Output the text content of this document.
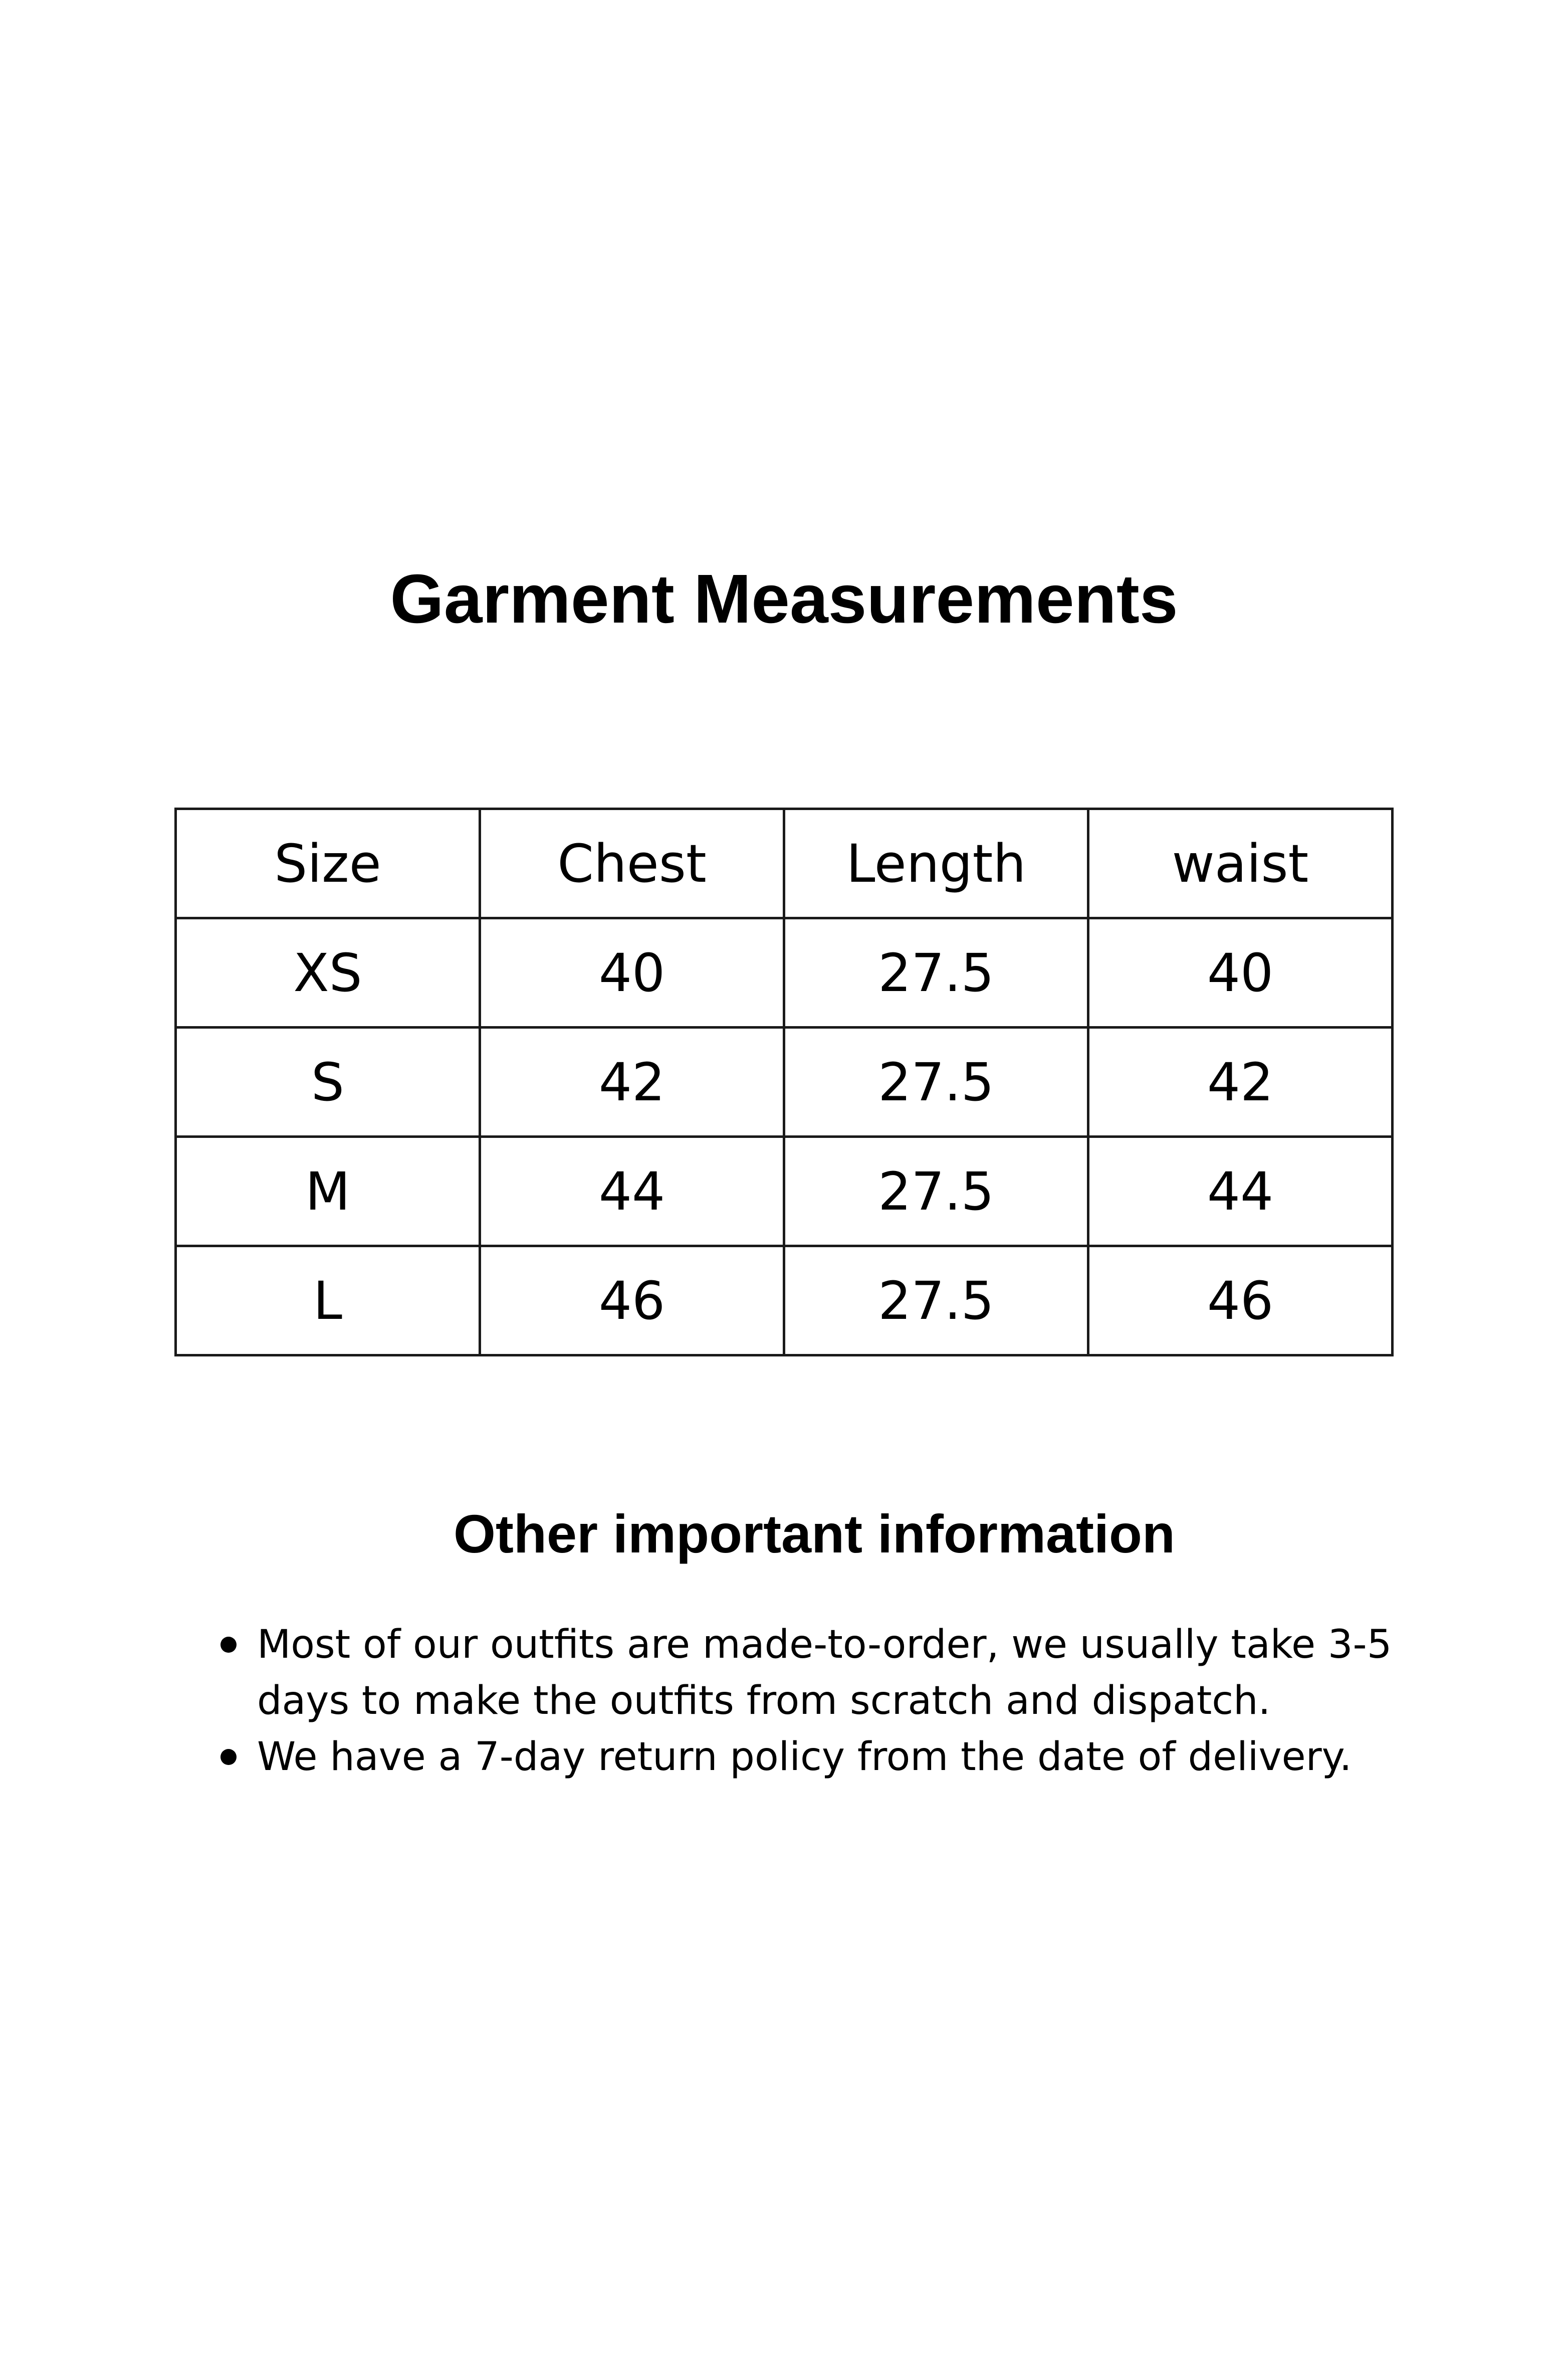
Garment Measurements
Size	Chest	Length	waist
XS	40	27.5	40
S	42	27.5	42
M	44	27.5	44
L	46	27.5	46
Other important information
Most of our outfits are made-to-order, we usually take 3-5 days to make the outfits from scratch and dispatch.
We have a 7-day return policy from the date of delivery.
